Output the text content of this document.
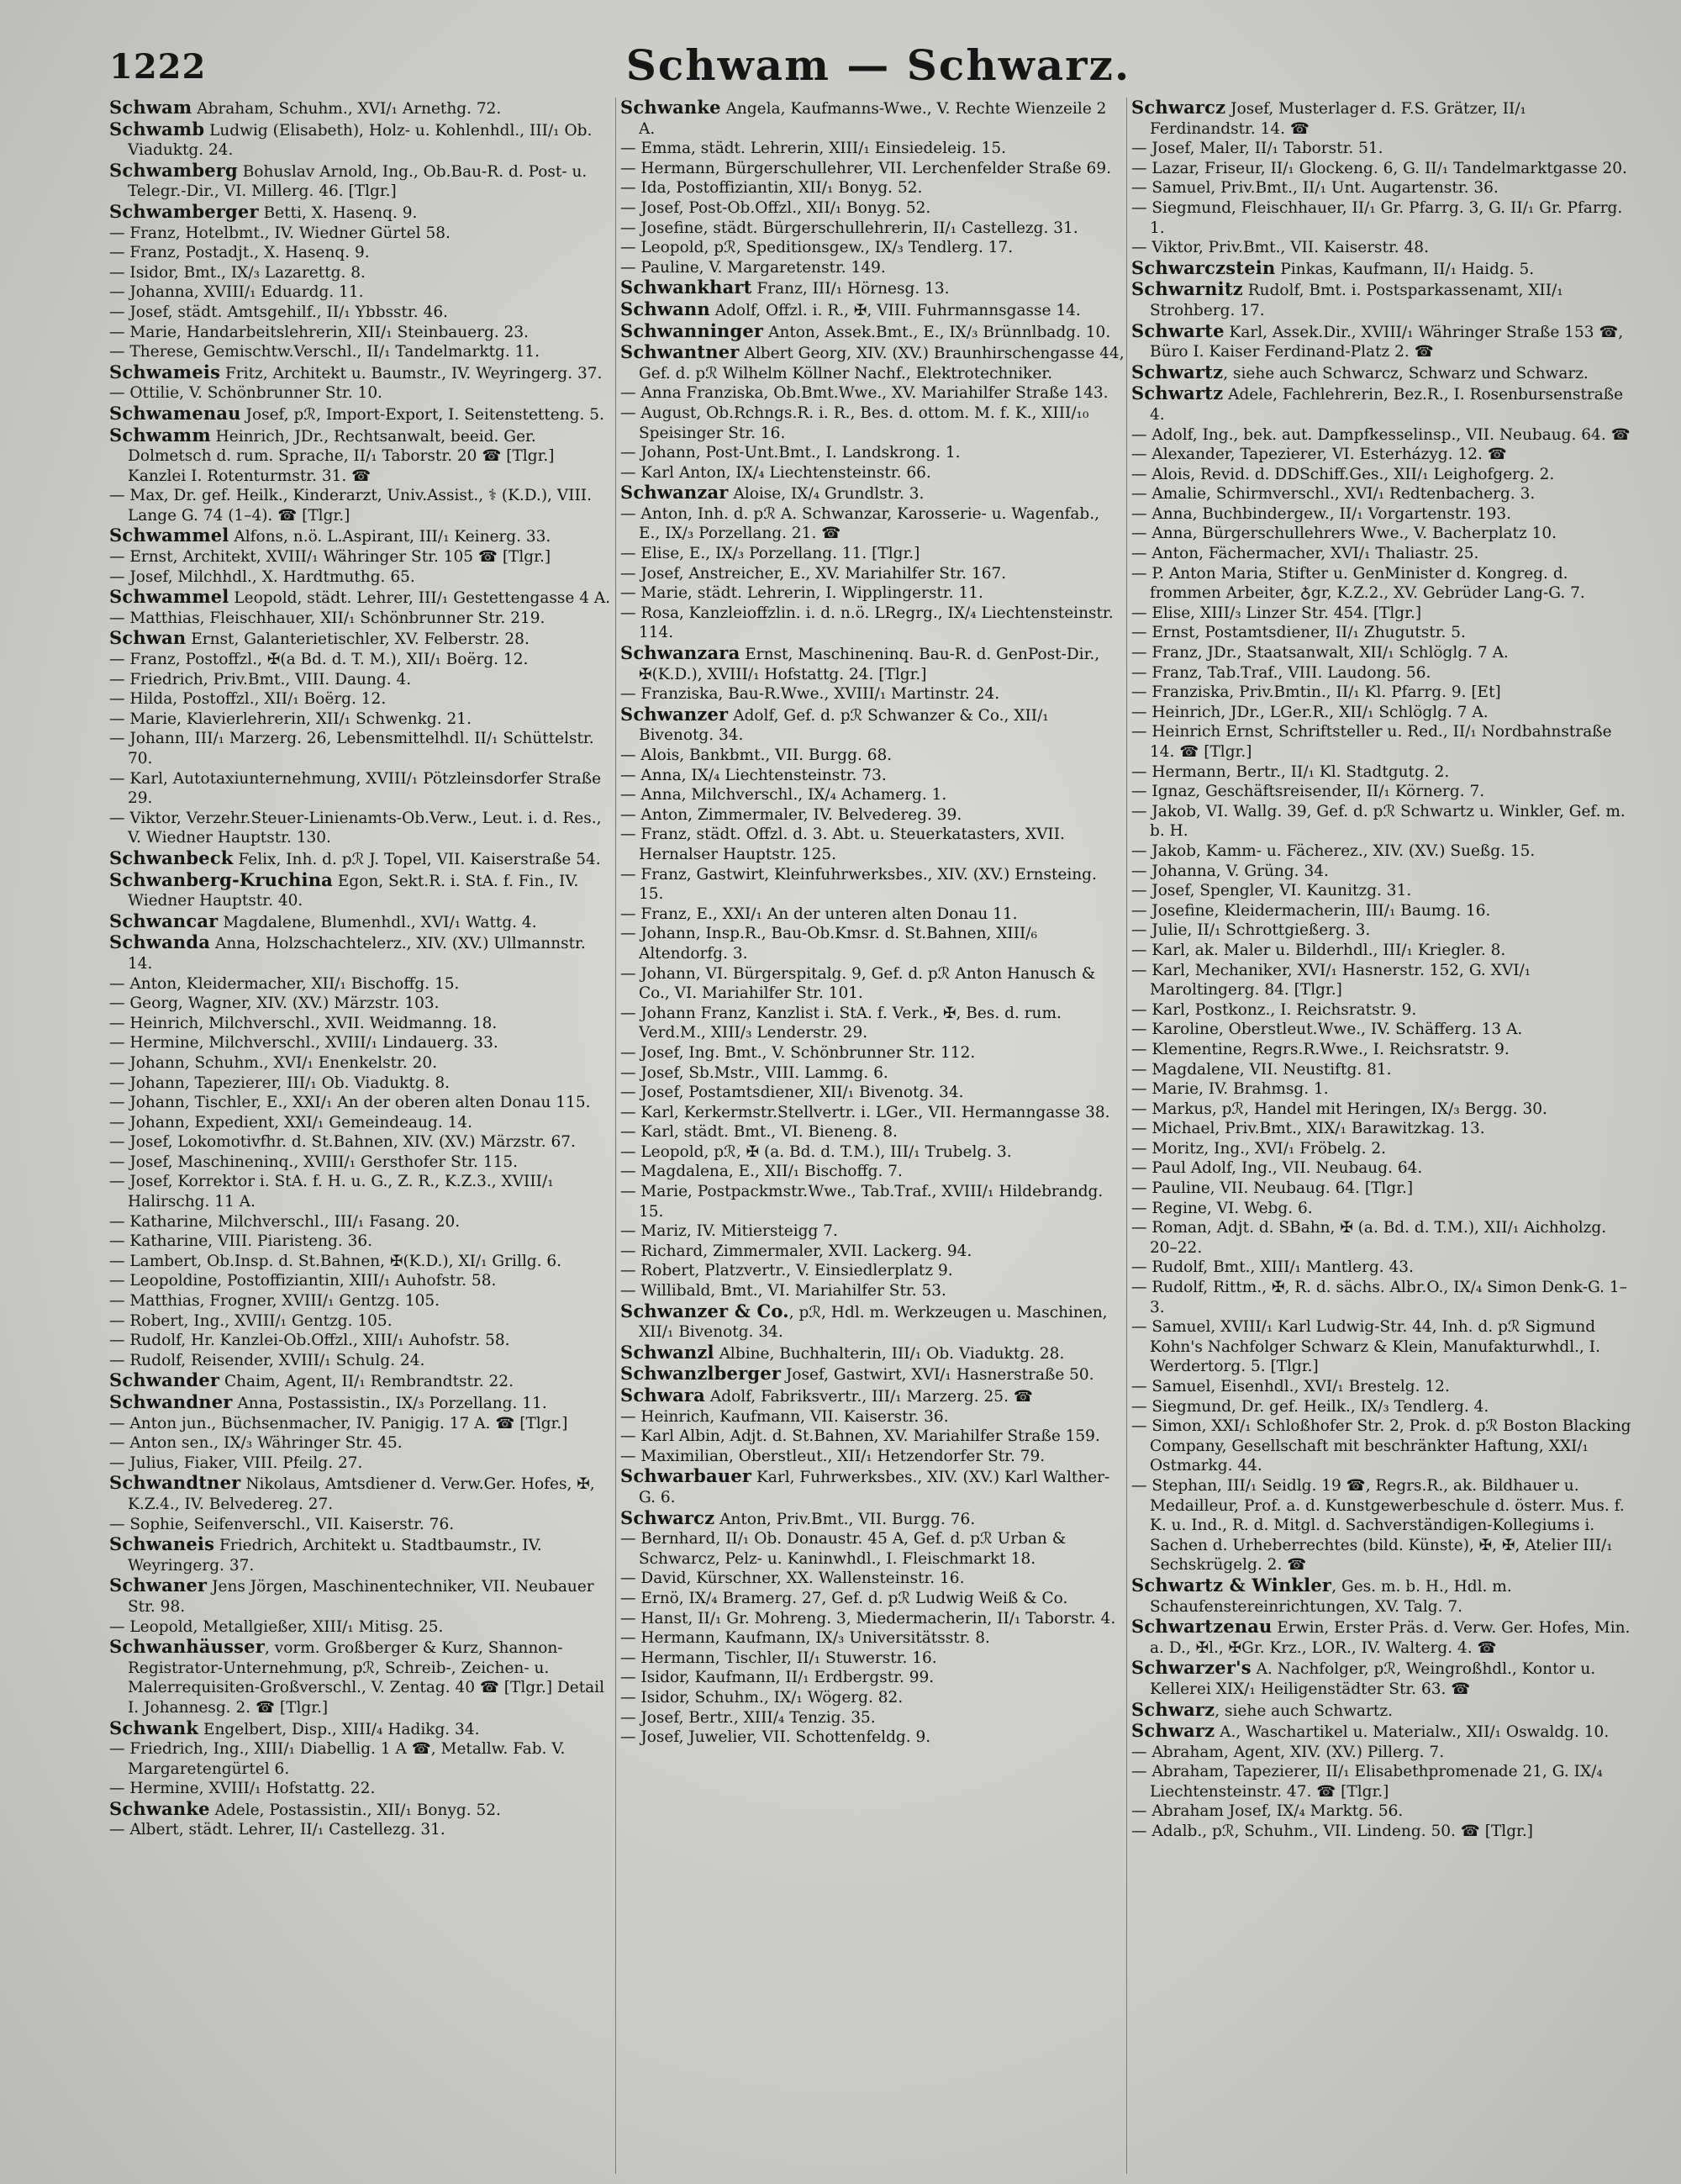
1222	Schwam — Schwarz.

Schwam Abraham, Schuhm., XVI/₁ Arnethg. 72.

Schwamb Ludwig (Elisabeth), Holz- u. Kohlenhdl., III/₁ Ob. Viaduktg. 24.

Schwamberg Bohuslav Arnold, Ing., Ob.Bau-R. d. Post- u. Telegr.-Dir., VI. Millerg. 46. [Tlgr.]

Schwamberger Betti, X. Hasenq. 9.

— Franz, Hotelbmt., IV. Wiedner Gürtel 58.

— Franz, Postadjt., X. Hasenq. 9.

— Isidor, Bmt., IX/₃ Lazarettg. 8.

— Johanna, XVIII/₁ Eduardg. 11.

— Josef, städt. Amtsgehilf., II/₁ Ybbsstr. 46.

— Marie, Handarbeitslehrerin, XII/₁ Steinbauerg. 23.

— Therese, Gemischtw.Verschl., II/₁ Tandelmarktg. 11.

Schwameis Fritz, Architekt u. Baumstr., IV. Weyringerg. 37.

— Ottilie, V. Schönbrunner Str. 10.

Schwamenau Josef, pℛ, Import-Export, I. Seitenstetteng. 5.

Schwamm Heinrich, JDr., Rechtsanwalt, beeid. Ger. Dolmetsch d. rum. Sprache, II/₁ Taborstr. 20 ☎ [Tlgr.] Kanzlei I. Rotenturmstr. 31. ☎

— Max, Dr. gef. Heilk., Kinderarzt, Univ.Assist., ⚕ (K.D.), VIII. Lange G. 74 (1–4). ☎ [Tlgr.]

Schwammel Alfons, n.ö. L.Aspirant, III/₁ Keinerg. 33.

— Ernst, Architekt, XVIII/₁ Währinger Str. 105 ☎ [Tlgr.]

— Josef, Milchhdl., X. Hardtmuthg. 65.

Schwammel Leopold, städt. Lehrer, III/₁ Gestettengasse 4 A.

— Matthias, Fleischhauer, XII/₁ Schönbrunner Str. 219.

Schwan Ernst, Galanterietischler, XV. Felberstr. 28.

— Franz, Postoffzl., ✠(a Bd. d. T. M.), XII/₁ Boërg. 12.

— Friedrich, Priv.Bmt., VIII. Daung. 4.

— Hilda, Postoffzl., XII/₁ Boërg. 12.

— Marie, Klavierlehrerin, XII/₁ Schwenkg. 21.

— Johann, III/₁ Marzerg. 26, Lebensmittelhdl. II/₁ Schüttelstr. 70.

— Karl, Autotaxiunternehmung, XVIII/₁ Pötzleinsdorfer Straße 29.

— Viktor, Verzehr.Steuer-Linienamts-Ob.Verw., Leut. i. d. Res., V. Wiedner Hauptstr. 130.

Schwanbeck Felix, Inh. d. pℛ J. Topel, VII. Kaiserstraße 54.

Schwanberg-Kruchina Egon, Sekt.R. i. StA. f. Fin., IV. Wiedner Hauptstr. 40.

Schwancar Magdalene, Blumenhdl., XVI/₁ Wattg. 4.

Schwanda Anna, Holzschachtelerz., XIV. (XV.) Ullmannstr. 14.

— Anton, Kleidermacher, XII/₁ Bischoffg. 15.

— Georg, Wagner, XIV. (XV.) Märzstr. 103.

— Heinrich, Milchverschl., XVII. Weidmanng. 18.

— Hermine, Milchverschl., XVIII/₁ Lindauerg. 33.

— Johann, Schuhm., XVI/₁ Enenkelstr. 20.

— Johann, Tapezierer, III/₁ Ob. Viaduktg. 8.

— Johann, Tischler, E., XXI/₁ An der oberen alten Donau 115.

— Johann, Expedient, XXI/₁ Gemeindeaug. 14.

— Josef, Lokomotivfhr. d. St.Bahnen, XIV. (XV.) Märzstr. 67.

— Josef, Maschineninq., XVIII/₁ Gersthofer Str. 115.

— Josef, Korrektor i. StA. f. H. u. G., Z. R., K.Z.3., XVIII/₁ Halirschg. 11 A.

— Katharine, Milchverschl., III/₁ Fasang. 20.

— Katharine, VIII. Piaristeng. 36.

— Lambert, Ob.Insp. d. St.Bahnen, ✠(K.D.), XI/₁ Grillg. 6.

— Leopoldine, Postoffiziantin, XIII/₁ Auhofstr. 58.

— Matthias, Frogner, XVIII/₁ Gentzg. 105.

— Robert, Ing., XVIII/₁ Gentzg. 105.

— Rudolf, Hr. Kanzlei-Ob.Offzl., XIII/₁ Auhofstr. 58.

— Rudolf, Reisender, XVIII/₁ Schulg. 24.

Schwander Chaim, Agent, II/₁ Rembrandtstr. 22.

Schwandner Anna, Postassistin., IX/₃ Porzellang. 11.

— Anton jun., Büchsenmacher, IV. Panigig. 17 A. ☎ [Tlgr.]

— Anton sen., IX/₃ Währinger Str. 45.

— Julius, Fiaker, VIII. Pfeilg. 27.

Schwandtner Nikolaus, Amtsdiener d. Verw.Ger. Hofes, ✠, K.Z.4., IV. Belvedereg. 27.

— Sophie, Seifenverschl., VII. Kaiserstr. 76.

Schwaneis Friedrich, Architekt u. Stadtbaumstr., IV. Weyringerg. 37.

Schwaner Jens Jörgen, Maschinentechniker, VII. Neubauer Str. 98.

— Leopold, Metallgießer, XIII/₁ Mitisg. 25.

Schwanhäusser, vorm. Großberger & Kurz, Shannon-Registrator-Unternehmung, pℛ, Schreib-, Zeichen- u. Malerrequisiten-Großverschl., V. Zentag. 40 ☎ [Tlgr.] Detail I. Johannesg. 2. ☎ [Tlgr.]

Schwank Engelbert, Disp., XIII/₄ Hadikg. 34.

— Friedrich, Ing., XIII/₁ Diabellig. 1 A ☎, Metallw. Fab. V. Margaretengürtel 6.

— Hermine, XVIII/₁ Hofstattg. 22.

Schwanke Adele, Postassistin., XII/₁ Bonyg. 52.

— Albert, städt. Lehrer, II/₁ Castellezg. 31.

Schwanke Angela, Kaufmanns-Wwe., V. Rechte Wienzeile 2 A.

— Emma, städt. Lehrerin, XIII/₁ Einsiedeleig. 15.

— Hermann, Bürgerschullehrer, VII. Lerchenfelder Straße 69.

— Ida, Postoffiziantin, XII/₁ Bonyg. 52.

— Josef, Post-Ob.Offzl., XII/₁ Bonyg. 52.

— Josefine, städt. Bürgerschullehrerin, II/₁ Castellezg. 31.

— Leopold, pℛ, Speditionsgew., IX/₃ Tendlerg. 17.

— Pauline, V. Margaretenstr. 149.

Schwankhart Franz, III/₁ Hörnesg. 13.

Schwann Adolf, Offzl. i. R., ✠, VIII. Fuhrmannsgasse 14.

Schwanninger Anton, Assek.Bmt., E., IX/₃ Brünnlbadg. 10.

Schwantner Albert Georg, XIV. (XV.) Braunhirschengasse 44, Gef. d. pℛ Wilhelm Köllner Nachf., Elektrotechniker.

— Anna Franziska, Ob.Bmt.Wwe., XV. Mariahilfer Straße 143.

— August, Ob.Rchngs.R. i. R., Bes. d. ottom. M. f. K., XIII/₁₀ Speisinger Str. 16.

— Johann, Post-Unt.Bmt., I. Landskrong. 1.

— Karl Anton, IX/₄ Liechtensteinstr. 66.

Schwanzar Aloise, IX/₄ Grundlstr. 3.

— Anton, Inh. d. pℛ A. Schwanzar, Karosserie- u. Wagenfab., E., IX/₃ Porzellang. 21. ☎

— Elise, E., IX/₃ Porzellang. 11. [Tlgr.]

— Josef, Anstreicher, E., XV. Mariahilfer Str. 167.

— Marie, städt. Lehrerin, I. Wipplingerstr. 11.

— Rosa, Kanzleioffzlin. i. d. n.ö. LRegrg., IX/₄ Liechtensteinstr. 114.

Schwanzara Ernst, Maschineninq. Bau-R. d. GenPost-Dir., ✠(K.D.), XVIII/₁ Hofstattg. 24. [Tlgr.]

— Franziska, Bau-R.Wwe., XVIII/₁ Martinstr. 24.

Schwanzer Adolf, Gef. d. pℛ Schwanzer & Co., XII/₁ Bivenotg. 34.

— Alois, Bankbmt., VII. Burgg. 68.

— Anna, IX/₄ Liechtensteinstr. 73.

— Anna, Milchverschl., IX/₄ Achamerg. 1.

— Anton, Zimmermaler, IV. Belvedereg. 39.

— Franz, städt. Offzl. d. 3. Abt. u. Steuerkatasters, XVII. Hernalser Hauptstr. 125.

— Franz, Gastwirt, Kleinfuhrwerksbes., XIV. (XV.) Ernsteing. 15.

— Franz, E., XXI/₁ An der unteren alten Donau 11.

— Johann, Insp.R., Bau-Ob.Kmsr. d. St.Bahnen, XIII/₆ Altendorfg. 3.

— Johann, VI. Bürgerspitalg. 9, Gef. d. pℛ Anton Hanusch & Co., VI. Mariahilfer Str. 101.

— Johann Franz, Kanzlist i. StA. f. Verk., ✠, Bes. d. rum. Verd.M., XIII/₃ Lenderstr. 29.

— Josef, Ing. Bmt., V. Schönbrunner Str. 112.

— Josef, Sb.Mstr., VIII. Lammg. 6.

— Josef, Postamtsdiener, XII/₁ Bivenotg. 34.

— Karl, Kerkermstr.Stellvertr. i. LGer., VII. Hermanngasse 38.

— Karl, städt. Bmt., VI. Bieneng. 8.

— Leopold, pℛ, ✠ (a. Bd. d. T.M.), III/₁ Trubelg. 3.

— Magdalena, E., XII/₁ Bischoffg. 7.

— Marie, Postpackmstr.Wwe., Tab.Traf., XVIII/₁ Hildebrandg. 15.

— Mariz, IV. Mitiersteigg 7.

— Richard, Zimmermaler, XVII. Lackerg. 94.

— Robert, Platzvertr., V. Einsiedlerplatz 9.

— Willibald, Bmt., VI. Mariahilfer Str. 53.

Schwanzer & Co., pℛ, Hdl. m. Werkzeugen u. Maschinen, XII/₁ Bivenotg. 34.

Schwanzl Albine, Buchhalterin, III/₁ Ob. Viaduktg. 28.

Schwanzlberger Josef, Gastwirt, XVI/₁ Hasnerstraße 50.

Schwara Adolf, Fabriksvertr., III/₁ Marzerg. 25. ☎

— Heinrich, Kaufmann, VII. Kaiserstr. 36.

— Karl Albin, Adjt. d. St.Bahnen, XV. Mariahilfer Straße 159.

— Maximilian, Oberstleut., XII/₁ Hetzendorfer Str. 79.

Schwarbauer Karl, Fuhrwerksbes., XIV. (XV.) Karl Walther-G. 6.

Schwarcz Anton, Priv.Bmt., VII. Burgg. 76.

— Bernhard, II/₁ Ob. Donaustr. 45 A, Gef. d. pℛ Urban & Schwarcz, Pelz- u. Kaninwhdl., I. Fleischmarkt 18.

— David, Kürschner, XX. Wallensteinstr. 16.

— Ernö, IX/₄ Bramerg. 27, Gef. d. pℛ Ludwig Weiß & Co.

— Hanst, II/₁ Gr. Mohreng. 3, Miedermacherin, II/₁ Taborstr. 4.

— Hermann, Kaufmann, IX/₃ Universitätsstr. 8.

— Hermann, Tischler, II/₁ Stuwerstr. 16.

— Isidor, Kaufmann, II/₁ Erdbergstr. 99.

— Isidor, Schuhm., IX/₁ Wögerg. 82.

— Josef, Bertr., XIII/₄ Tenzig. 35.

— Josef, Juwelier, VII. Schottenfeldg. 9.

Schwarcz Josef, Musterlager d. F.S. Grätzer, II/₁ Ferdinandstr. 14. ☎

— Josef, Maler, II/₁ Taborstr. 51.

— Lazar, Friseur, II/₁ Glockeng. 6, G. II/₁ Tandelmarktgasse 20.

— Samuel, Priv.Bmt., II/₁ Unt. Augartenstr. 36.

— Siegmund, Fleischhauer, II/₁ Gr. Pfarrg. 3, G. II/₁ Gr. Pfarrg. 1.

— Viktor, Priv.Bmt., VII. Kaiserstr. 48.

Schwarczstein Pinkas, Kaufmann, II/₁ Haidg. 5.

Schwarnitz Rudolf, Bmt. i. Postsparkassenamt, XII/₁ Strohberg. 17.

Schwarte Karl, Assek.Dir., XVIII/₁ Währinger Straße 153 ☎, Büro I. Kaiser Ferdinand-Platz 2. ☎

Schwartz, siehe auch Schwarcz, Schwarz und Schwarz.

Schwartz Adele, Fachlehrerin, Bez.R., I. Rosenbursenstraße 4.

— Adolf, Ing., bek. aut. Dampfkesselinsp., VII. Neubaug. 64. ☎

— Alexander, Tapezierer, VI. Esterházyg. 12. ☎

— Alois, Revid. d. DDSchiff.Ges., XII/₁ Leighofgerg. 2.

— Amalie, Schirmverschl., XVI/₁ Redtenbacherg. 3.

— Anna, Buchbindergew., II/₁ Vorgartenstr. 193.

— Anna, Bürgerschullehrers Wwe., V. Bacherplatz 10.

— Anton, Fächermacher, XVI/₁ Thaliastr. 25.

— P. Anton Maria, Stifter u. GenMinister d. Kongreg. d. frommen Arbeiter, ♁gr, K.Z.2., XV. Gebrüder Lang-G. 7.

— Elise, XIII/₃ Linzer Str. 454. [Tlgr.]

— Ernst, Postamtsdiener, II/₁ Zhugutstr. 5.

— Franz, JDr., Staatsanwalt, XII/₁ Schlöglg. 7 A.

— Franz, Tab.Traf., VIII. Laudong. 56.

— Franziska, Priv.Bmtin., II/₁ Kl. Pfarrg. 9. [Et]

— Heinrich, JDr., LGer.R., XII/₁ Schlöglg. 7 A.

— Heinrich Ernst, Schriftsteller u. Red., II/₁ Nordbahnstraße 14. ☎ [Tlgr.]

— Hermann, Bertr., II/₁ Kl. Stadtgutg. 2.

— Ignaz, Geschäftsreisender, II/₁ Körnerg. 7.

— Jakob, VI. Wallg. 39, Gef. d. pℛ Schwartz u. Winkler, Gef. m. b. H.

— Jakob, Kamm- u. Fächerez., XIV. (XV.) Sueßg. 15.

— Johanna, V. Grüng. 34.

— Josef, Spengler, VI. Kaunitzg. 31.

— Josefine, Kleidermacherin, III/₁ Baumg. 16.

— Julie, II/₁ Schrottgießerg. 3.

— Karl, ak. Maler u. Bilderhdl., III/₁ Kriegler. 8.

— Karl, Mechaniker, XVI/₁ Hasnerstr. 152, G. XVI/₁ Maroltingerg. 84. [Tlgr.]

— Karl, Postkonz., I. Reichsratstr. 9.

— Karoline, Oberstleut.Wwe., IV. Schäfferg. 13 A.

— Klementine, Regrs.R.Wwe., I. Reichsratstr. 9.

— Magdalene, VII. Neustiftg. 81.

— Marie, IV. Brahmsg. 1.

— Markus, pℛ, Handel mit Heringen, IX/₃ Bergg. 30.

— Michael, Priv.Bmt., XIX/₁ Barawitzkag. 13.

— Moritz, Ing., XVI/₁ Fröbelg. 2.

— Paul Adolf, Ing., VII. Neubaug. 64.

— Pauline, VII. Neubaug. 64. [Tlgr.]

— Regine, VI. Webg. 6.

— Roman, Adjt. d. SBahn, ✠ (a. Bd. d. T.M.), XII/₁ Aichholzg. 20–22.

— Rudolf, Bmt., XIII/₁ Mantlerg. 43.

— Rudolf, Rittm., ✠, R. d. sächs. Albr.O., IX/₄ Simon Denk-G. 1–3.

— Samuel, XVIII/₁ Karl Ludwig-Str. 44, Inh. d. pℛ Sigmund Kohn's Nachfolger Schwarz & Klein, Manufakturwhdl., I. Werdertorg. 5. [Tlgr.]

— Samuel, Eisenhdl., XVI/₁ Brestelg. 12.

— Siegmund, Dr. gef. Heilk., IX/₃ Tendlerg. 4.

— Simon, XXI/₁ Schloßhofer Str. 2, Prok. d. pℛ Boston Blacking Company, Gesellschaft mit beschränkter Haftung, XXI/₁ Ostmarkg. 44.

— Stephan, III/₁ Seidlg. 19 ☎, Regrs.R., ak. Bildhauer u. Medailleur, Prof. a. d. Kunstgewerbeschule d. österr. Mus. f. K. u. Ind., R. d. Mitgl. d. Sachverständigen-Kollegiums i. Sachen d. Urheberrechtes (bild. Künste), ✠, ✠, Atelier III/₁ Sechskrügelg. 2. ☎

Schwartz & Winkler, Ges. m. b. H., Hdl. m. Schaufenstereinrichtungen, XV. Talg. 7.

Schwartzenau Erwin, Erster Präs. d. Verw. Ger. Hofes, Min. a. D., ✠l., ✠Gr. Krz., LOR., IV. Walterg. 4. ☎

Schwarzer's A. Nachfolger, pℛ, Weingroßhdl., Kontor u. Kellerei XIX/₁ Heiligenstädter Str. 63. ☎

Schwarz, siehe auch Schwartz.

Schwarz A., Waschartikel u. Materialw., XII/₁ Oswaldg. 10.

— Abraham, Agent, XIV. (XV.) Pillerg. 7.

— Abraham, Tapezierer, II/₁ Elisabethpromenade 21, G. IX/₄ Liechtensteinstr. 47. ☎ [Tlgr.]

— Abraham Josef, IX/₄ Marktg. 56.

— Adalb., pℛ, Schuhm., VII. Lindeng. 50. ☎ [Tlgr.]
